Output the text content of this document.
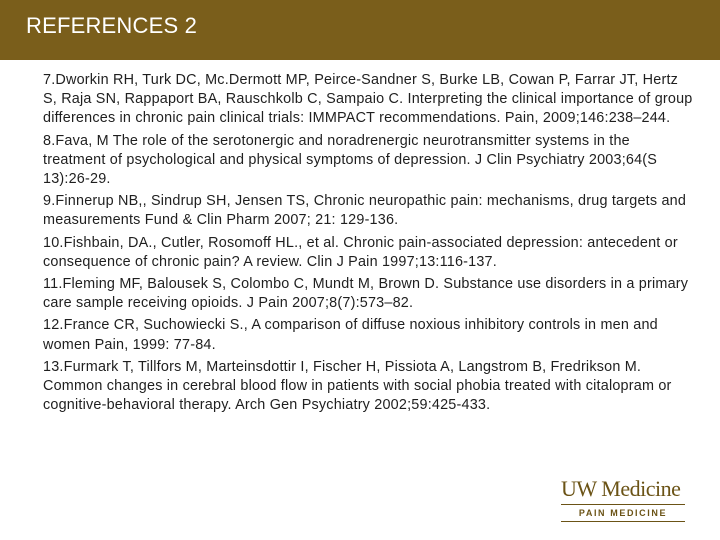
REFERENCES 2

7.Dworkin RH, Turk DC, Mc.Dermott MP, Peirce-Sandner S, Burke LB, Cowan P, Farrar JT, Hertz S, Raja SN, Rappaport BA, Rauschkolb C, Sampaio C. Interpreting the clinical importance of group differences in chronic pain clinical trials: IMMPACT recommendations. Pain, 2009;146:238–244.

8.Fava, M The role of the serotonergic and noradrenergic neurotransmitter systems in the treatment of psychological and physical symptoms of depression. J Clin Psychiatry 2003;64(S 13):26-29.

9.Finnerup NB,, Sindrup SH, Jensen TS, Chronic neuropathic pain: mechanisms, drug targets and measurements Fund & Clin Pharm 2007; 21: 129-136.

10.Fishbain, DA., Cutler, Rosomoff HL., et al. Chronic pain-associated depression: antecedent or consequence of chronic pain? A review. Clin J Pain 1997;13:116-137.

11.Fleming MF, Balousek S, Colombo C, Mundt M, Brown D. Substance use disorders in a primary care sample receiving opioids. J Pain 2007;8(7):573–82.

12.France CR, Suchowiecki S., A comparison of diffuse noxious inhibitory controls in men and women Pain, 1999: 77-84.

13.Furmark T, Tillfors M, Marteinsdottir I, Fischer H, Pissiota A, Langstrom B, Fredrikson M. Common changes in cerebral blood flow in patients with social phobia treated with citalopram or cognitive-behavioral therapy. Arch Gen Psychiatry 2002;59:425-433.

UW Medicine
PAIN MEDICINE
